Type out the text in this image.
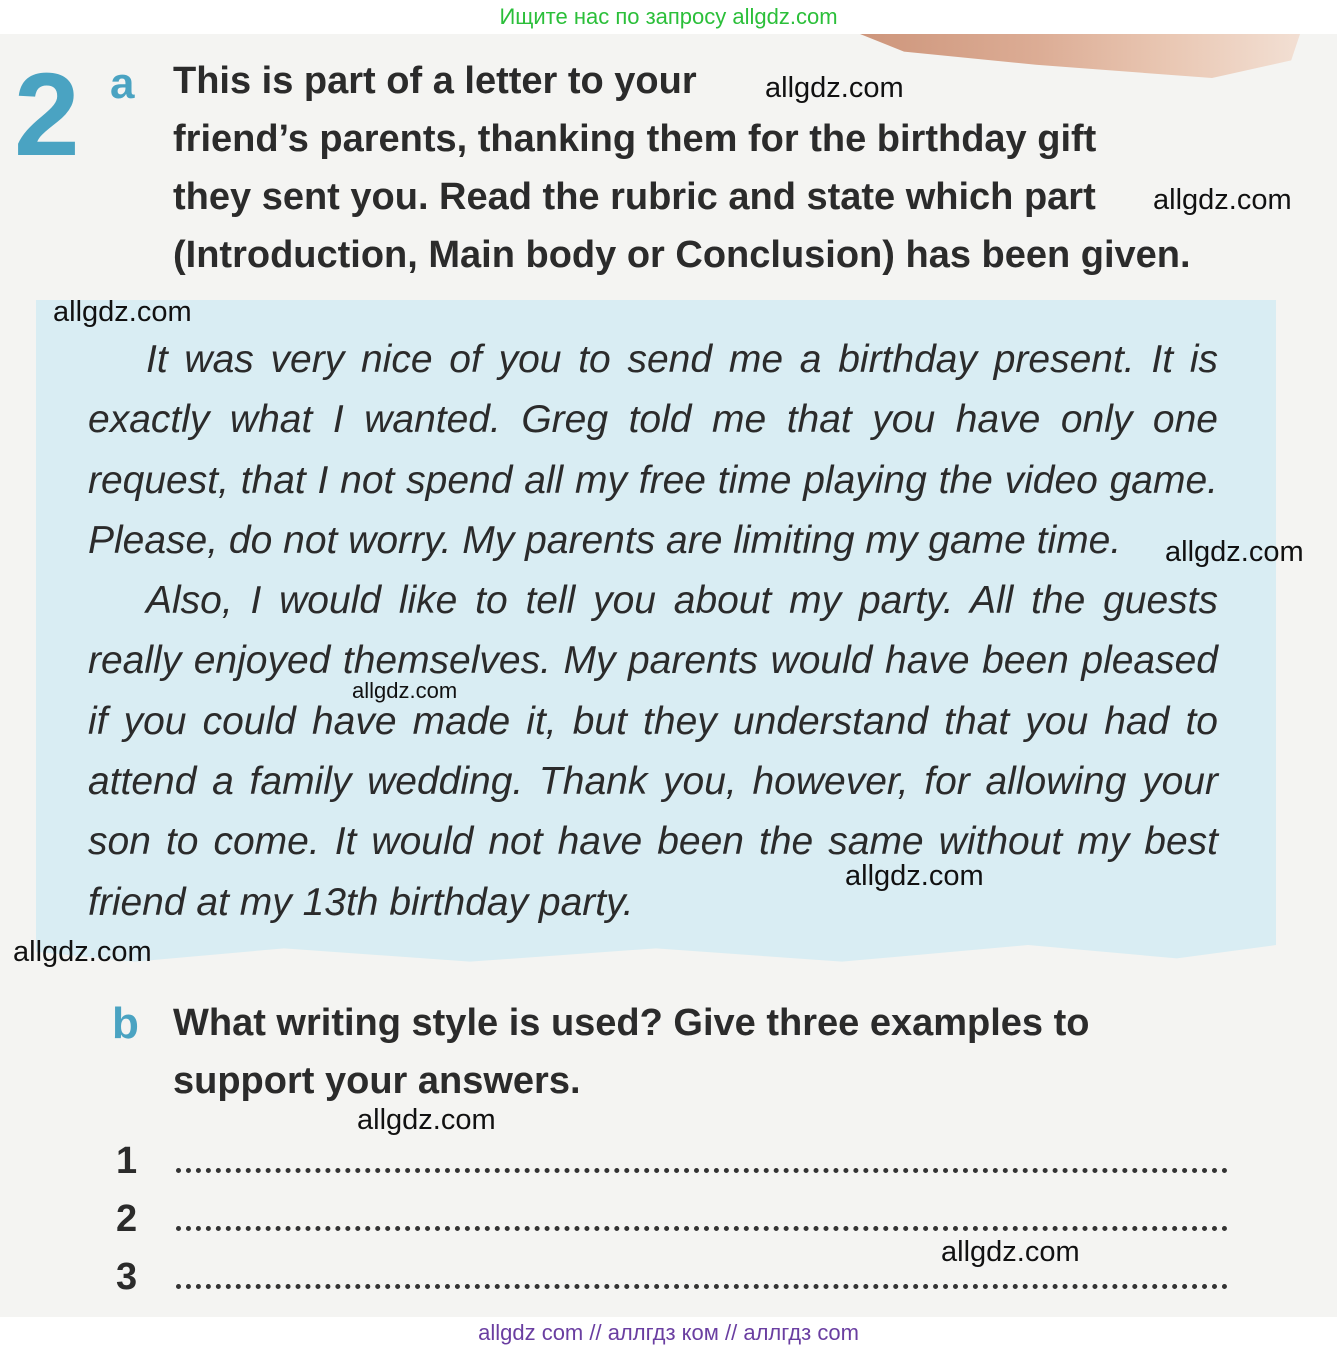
Ищите нас по запросу allgdz.com
2 a This is part of a letter to your
friend’s parents, thanking them for the birthday gift
they sent you. Read the rubric and state which part
(Introduction, Main body or Conclusion) has been given.

It was very nice of you to send me a birthday present. It is exactly what I wanted. Greg told me that you have only one request, that I not spend all my free time playing the video game. Please, do not worry. My parents are limiting my game time.

Also, I would like to tell you about my party. All the guests really enjoyed themselves. My parents would have been pleased if you could have made it, but they understand that you had to attend a family wedding. Thank you, however, for allowing your son to come. It would not have been the same without my best friend at my 13th birthday party.

b What writing style is used? Give three examples to
support your answers.
1
2
3
allgdz.com
allgdz.com
allgdz.com
allgdz.com
allgdz.com
allgdz.com
allgdz.com
allgdz.com
allgdz.com
allgdz com // аллгдз ком // аллгдз com
